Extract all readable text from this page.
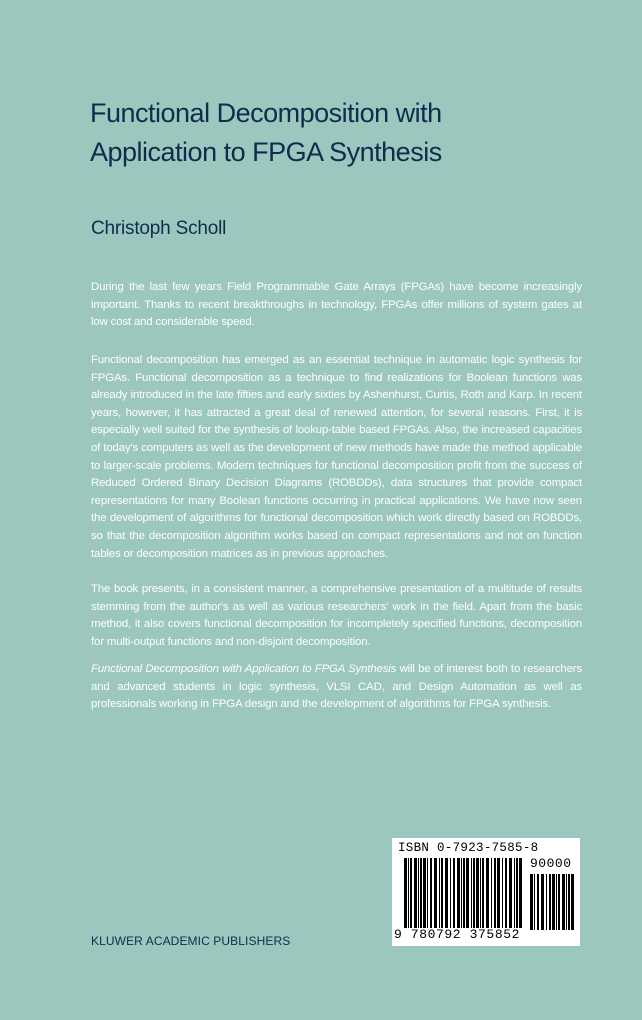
Functional Decomposition with
Application to FPGA Synthesis
Christoph Scholl

During the last few years Field Programmable Gate Arrays (FPGAs) have become increasingly important. Thanks to recent breakthroughs in technology, FPGAs offer millions of system gates at low cost and considerable speed.

Functional decomposition has emerged as an essential technique in automatic logic synthesis for FPGAs. Functional decomposition as a technique to find realizations for Boolean functions was already introduced in the late fifties and early sixties by Ashenhurst, Curtis, Roth and Karp. In recent years, however, it has attracted a great deal of renewed attention, for several reasons. First, it is especially well suited for the synthesis of lookup-table based FPGAs. Also, the increased capacities of today's computers as well as the development of new methods have made the method applicable to larger-scale problems. Modern techniques for functional decomposition profit from the success of Reduced Ordered Binary Decision Diagrams (ROBDDs), data structures that provide compact representations for many Boolean functions occurring in practical applications. We have now seen the development of algorithms for functional decomposition which work directly based on ROBDDs, so that the decomposition algorithm works based on compact representations and not on function tables or decomposition matrices as in previous approaches.

The book presents, in a consistent manner, a comprehensive presentation of a multitude of results stemming from the author's as well as various researchers' work in the field. Apart from the basic method, it also covers functional decomposition for incompletely specified functions, decomposition for multi-output functions and non-disjoint decomposition.

Functional Decomposition with Application to FPGA Synthesis will be of interest both to researchers and advanced students in logic synthesis, VLSI CAD, and Design Automation as well as professionals working in FPGA design and the development of algorithms for FPGA synthesis.

KLUWER ACADEMIC PUBLISHERS
ISBN 0-7923-7585-8
90000
9 780792 375852
